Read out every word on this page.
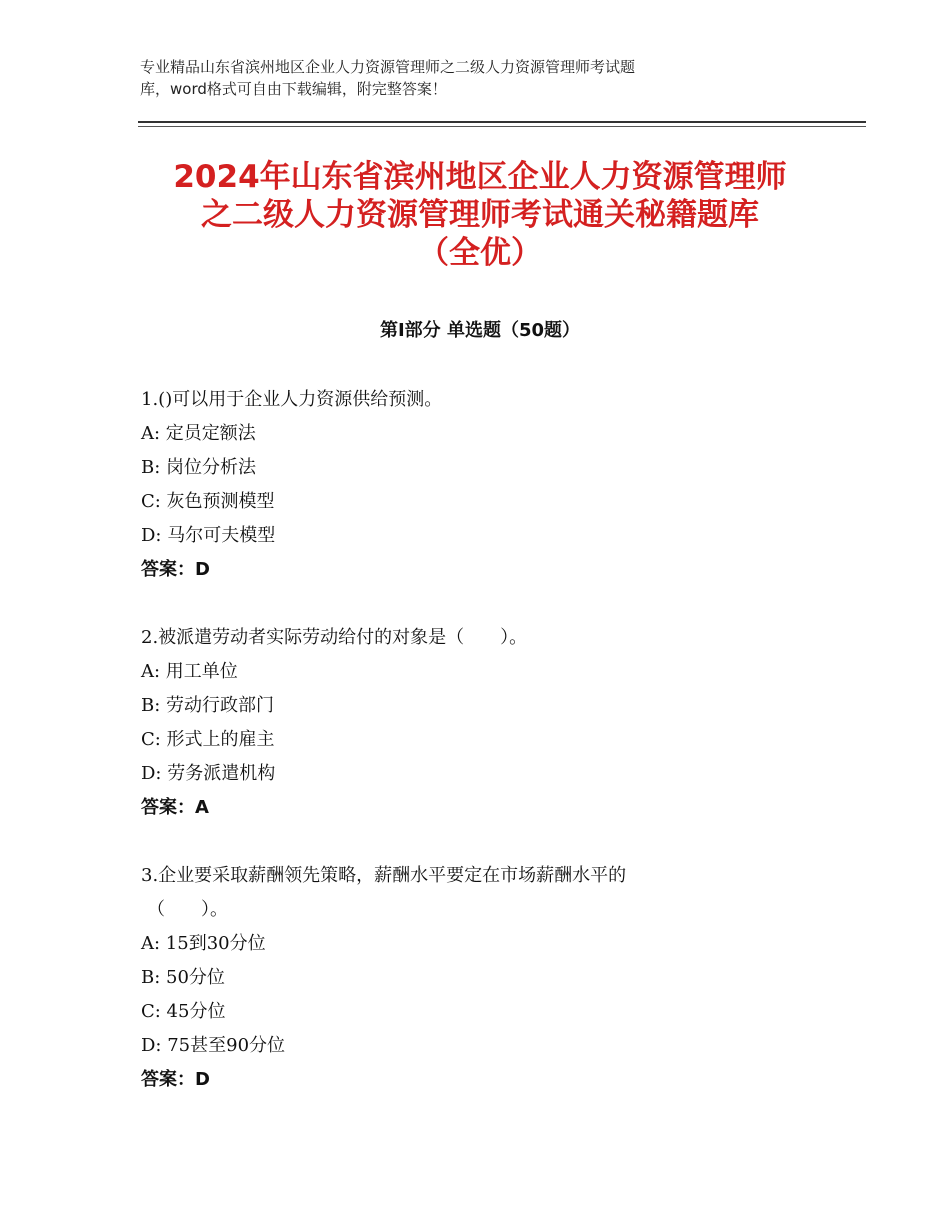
专业精品山东省滨州地区企业人力资源管理师之二级人力资源管理师考试题
库，word格式可自由下载编辑，附完整答案！
2024年山东省滨州地区企业人力资源管理师
之二级人力资源管理师考试通关秘籍题库
（全优）
第Ⅰ部分 单选题（50题）
1.()可以用于企业人力资源供给预测。
A: 定员定额法
B: 岗位分析法
C: 灰色预测模型
D: 马尔可夫模型
答案：D
2.被派遣劳动者实际劳动给付的对象是（　　）。
A: 用工单位
B: 劳动行政部门
C: 形式上的雇主
D: 劳务派遣机构
答案：A
3.企业要采取薪酬领先策略，薪酬水平要定在市场薪酬水平的
（　　）。
A: 15到30分位
B: 50分位
C: 45分位
D: 75甚至90分位
答案：D
